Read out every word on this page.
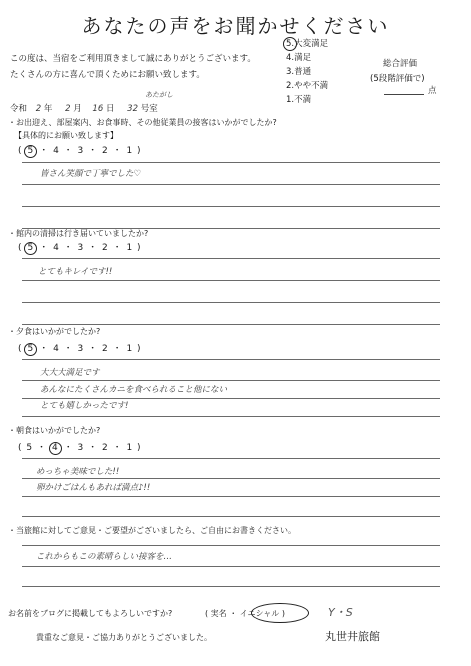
あなたの声をお聞かせください
この度は、当宿をご利用頂きまして誠にありがとうございます。
たくさんの方に喜んで頂くためにお願い致します。
5.大変満足
4.満足
3.普通
2.やや不満
1.不満
総合評価
(5段階評価で)
点
令和 2 年 2 月 16 日 32 号室
あたがし
・お出迎え、部屋案内、お食事時、その他従業員の接客はいかがでしたか?
【具体的にお願い致します】
( 5 ・ 4 ・ 3 ・ 2 ・ 1 )
皆さん笑顔で丁寧でした♡
・館内の清掃は行き届いていましたか?
( 5 ・ 4 ・ 3 ・ 2 ・ 1 )
とてもキレイです!!
・夕食はいかがでしたか?
( 5 ・ 4 ・ 3 ・ 2 ・ 1 )
大大大満足です
あんなにたくさんカニを食べられること他にない
とても嬉しかったです!
・朝食はいかがでしたか?
( 5 ・ 4 ・ 3 ・ 2 ・ 1 )
めっちゃ美味でした!!
卵かけごはんもあれば満点♪!!
・当旅館に対してご意見・ご要望がございましたら、ご自由にお書きください。
これからもこの素晴らしい接客を…
お名前をブログに掲載してもよろしいですか?	( 実名 ・ イニシャル )	Y・S
貴重なご意見・ご協力ありがとうございました。	丸世井旅館
